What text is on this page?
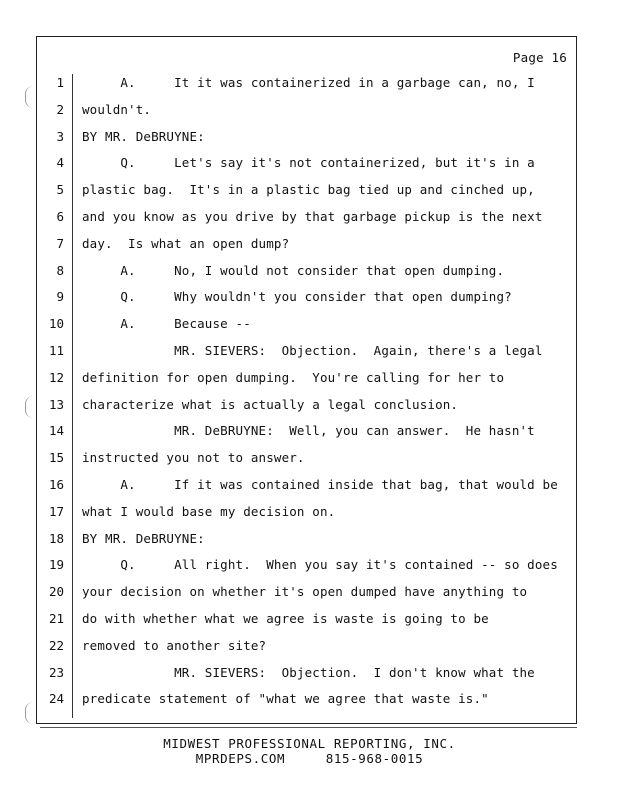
Page 16
1 A.     It it was containerized in a garbage can, no, I
2 wouldn't.
3 BY MR. DeBRUYNE:
4 Q.     Let's say it's not containerized, but it's in a
5 plastic bag.  It's in a plastic bag tied up and cinched up,
6 and you know as you drive by that garbage pickup is the next
7 day.  Is what an open dump?
8 A.     No, I would not consider that open dumping.
9 Q.     Why wouldn't you consider that open dumping?
10 A.     Because --
11 MR. SIEVERS:  Objection.  Again, there's a legal
12 definition for open dumping.  You're calling for her to
13 characterize what is actually a legal conclusion.
14 MR. DeBRUYNE:  Well, you can answer.  He hasn't
15 instructed you not to answer.
16 A.     If it was contained inside that bag, that would be
17 what I would base my decision on.
18 BY MR. DeBRUYNE:
19 Q.     All right.  When you say it's contained -- so does
20 your decision on whether it's open dumped have anything to
21 do with whether what we agree is waste is going to be
22 removed to another site?
23 MR. SIEVERS:  Objection.  I don't know what the
24 predicate statement of "what we agree that waste is."
MIDWEST PROFESSIONAL REPORTING, INC.
MPRDEPS.COM     815-968-0015
